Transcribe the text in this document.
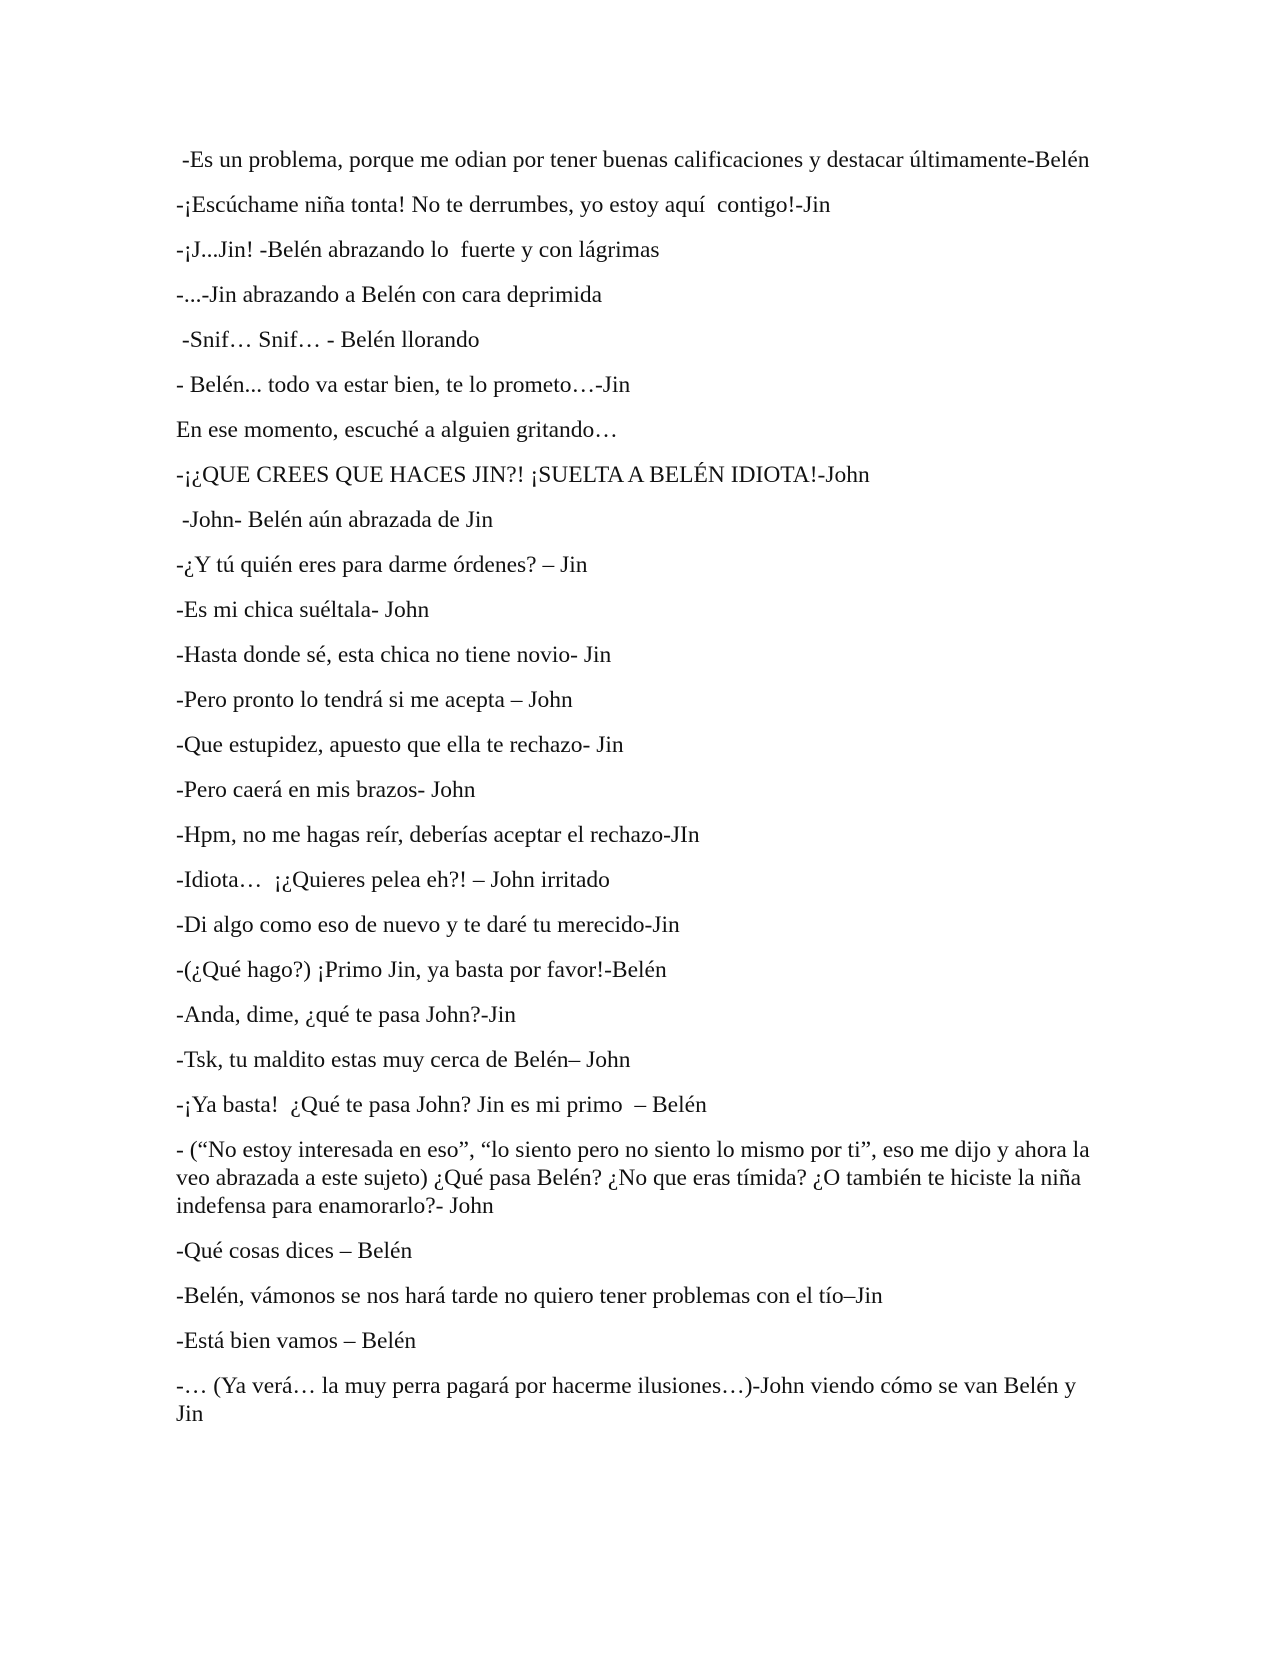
-Es un problema, porque me odian por tener buenas calificaciones y destacar últimamente-Belén

-¡Escúchame niña tonta! No te derrumbes, yo estoy aquí  contigo!-Jin

-¡J...Jin! -Belén abrazando lo  fuerte y con lágrimas

-...-Jin abrazando a Belén con cara deprimida

-Snif… Snif… - Belén llorando

- Belén... todo va estar bien, te lo prometo…-Jin

En ese momento, escuché a alguien gritando…

-¡¿QUE CREES QUE HACES JIN?! ¡SUELTA A BELÉN IDIOTA!-John

-John- Belén aún abrazada de Jin

-¿Y tú quién eres para darme órdenes? – Jin

-Es mi chica suéltala- John

-Hasta donde sé, esta chica no tiene novio- Jin

-Pero pronto lo tendrá si me acepta – John

-Que estupidez, apuesto que ella te rechazo- Jin

-Pero caerá en mis brazos- John

-Hpm, no me hagas reír, deberías aceptar el rechazo-JIn

-Idiota…  ¡¿Quieres pelea eh?! – John irritado

-Di algo como eso de nuevo y te daré tu merecido-Jin

-(¿Qué hago?) ¡Primo Jin, ya basta por favor!-Belén

-Anda, dime, ¿qué te pasa John?-Jin

-Tsk, tu maldito estas muy cerca de Belén– John

-¡Ya basta!  ¿Qué te pasa John? Jin es mi primo  – Belén

- (“No estoy interesada en eso”, “lo siento pero no siento lo mismo por ti”, eso me dijo y ahora la veo abrazada a este sujeto) ¿Qué pasa Belén? ¿No que eras tímida? ¿O también te hiciste la niña indefensa para enamorarlo?- John

-Qué cosas dices – Belén

-Belén, vámonos se nos hará tarde no quiero tener problemas con el tío–Jin

-Está bien vamos – Belén

-… (Ya verá… la muy perra pagará por hacerme ilusiones…)-John viendo cómo se van Belén y Jin
